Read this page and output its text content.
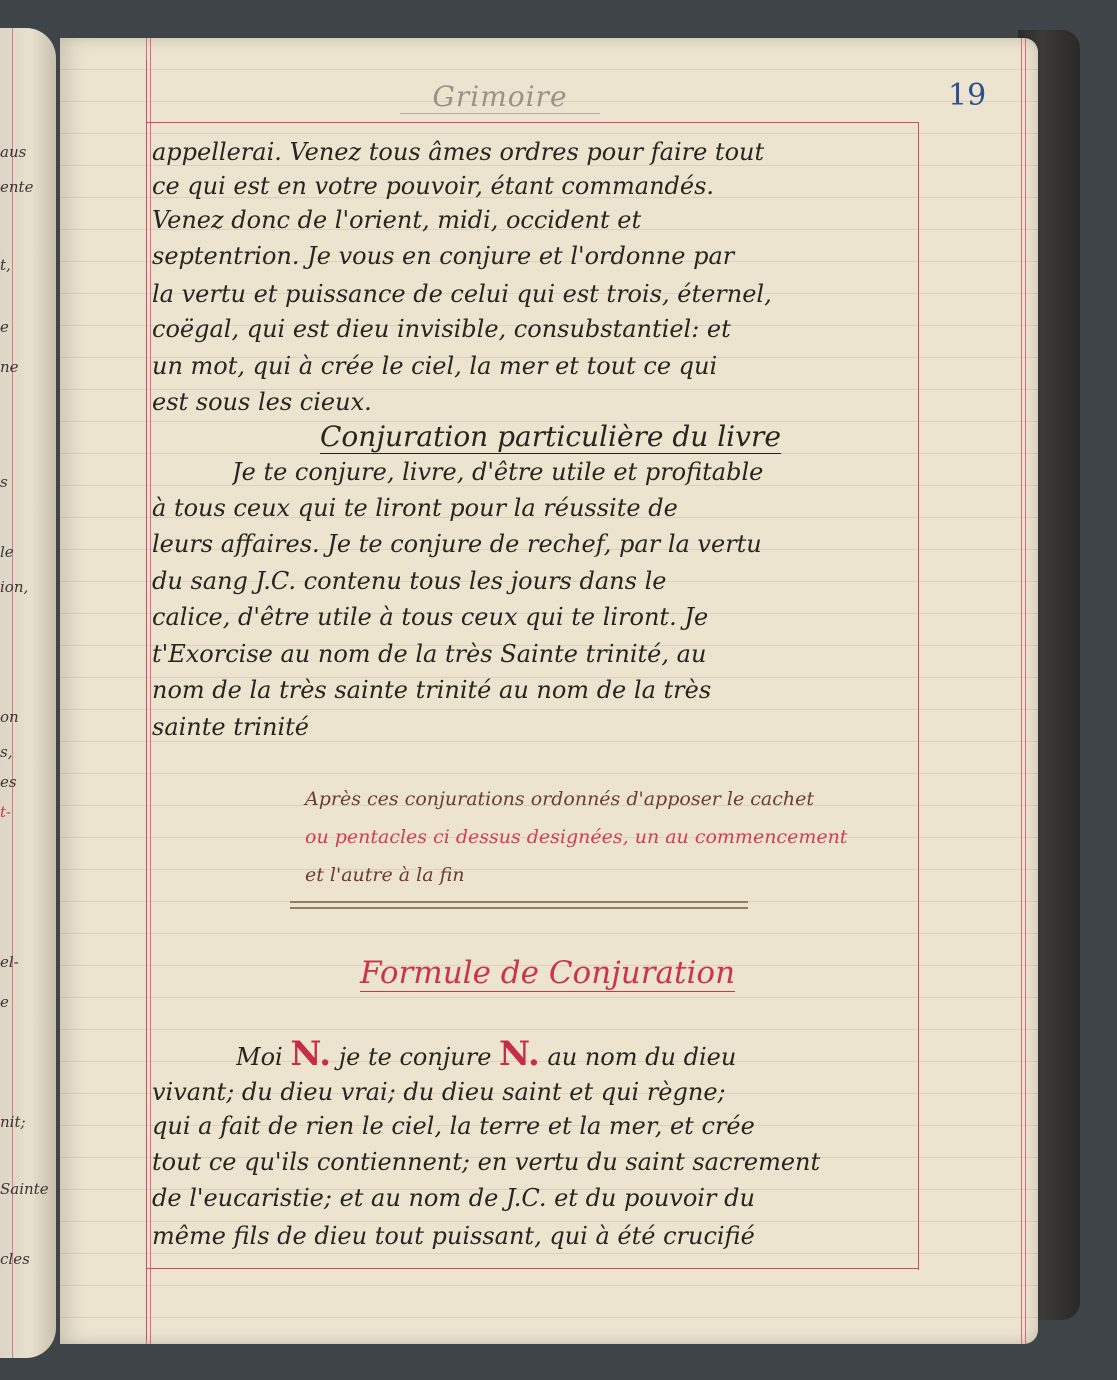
aus
ente
t,
e
ne
s
le
ion,
on
s,
es
t-
el-
e
nit;
Sainte
cles
19
Grimoire
appellerai. Venez tous âmes ordres pour faire tout
ce qui est en votre pouvoir, étant commandés.
Venez donc de l'orient, midi, occident et
septentrion. Je vous en conjure et l'ordonne par
la vertu et puissance de celui qui est trois, éternel,
coëgal, qui est dieu invisible, consubstantiel: et
un mot, qui à crée le ciel, la mer et tout ce qui
est sous les cieux.
Conjuration particulière du livre
Je te conjure, livre, d'être utile et profitable
à tous ceux qui te liront pour la réussite de
leurs affaires. Je te conjure de rechef, par la vertu
du sang J.C. contenu tous les jours dans le
calice, d'être utile à tous ceux qui te liront. Je
t'Exorcise au nom de la très Sainte trinité, au
nom de la très sainte trinité au nom de la très
sainte trinité
Après ces conjurations ordonnés d'apposer le cachet
ou pentacles ci dessus designées, un au commencement
et l'autre à la fin
Formule de Conjuration
Moi N. je te conjure N. au nom du dieu
vivant; du dieu vrai; du dieu saint et qui règne;
qui a fait de rien le ciel, la terre et la mer, et crée
tout ce qu'ils contiennent; en vertu du saint sacrement
de l'eucaristie; et au nom de J.C. et du pouvoir du
même fils de dieu tout puissant, qui à été crucifié
